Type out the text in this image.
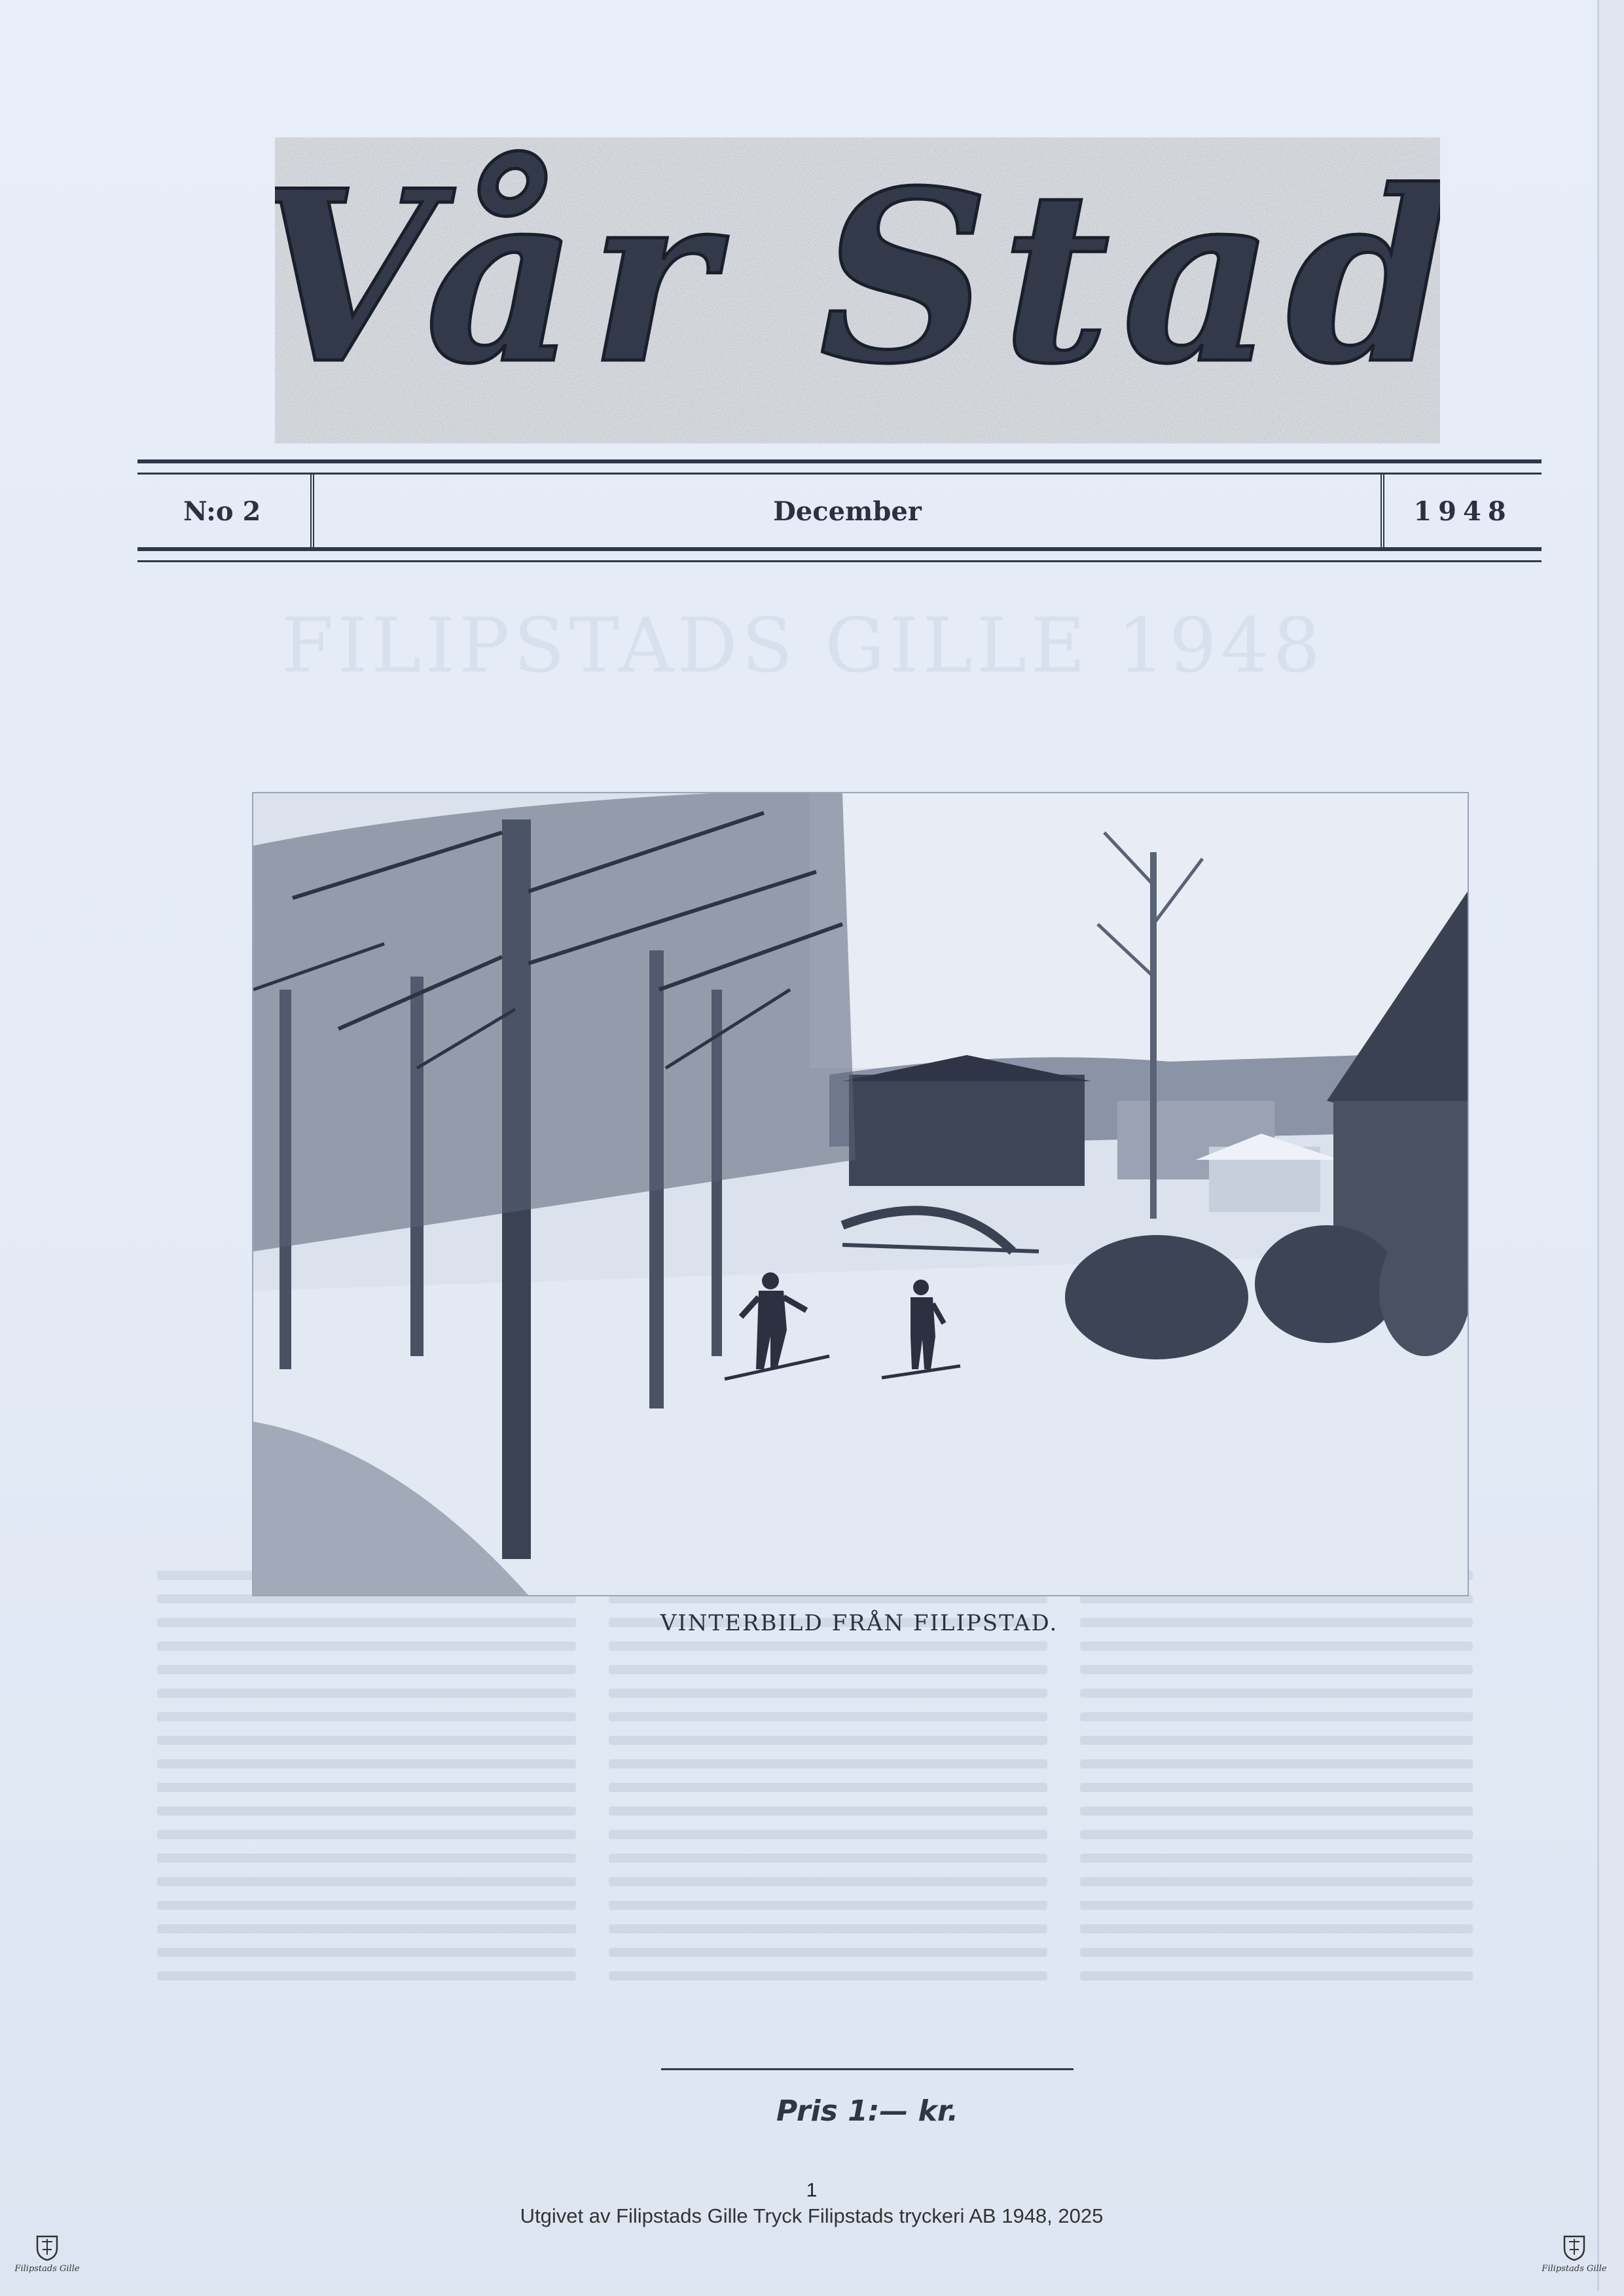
Vår Stad
FILIPSTADS GILLE 1948
N:o 2	December	1948
VINTERBILD FRÅN FILIPSTAD.
Pris 1:— kr.
1
Utgivet av Filipstads Gille Tryck Filipstads tryckeri AB 1948, 2025
Filipstads Gille	Filipstads Gille
